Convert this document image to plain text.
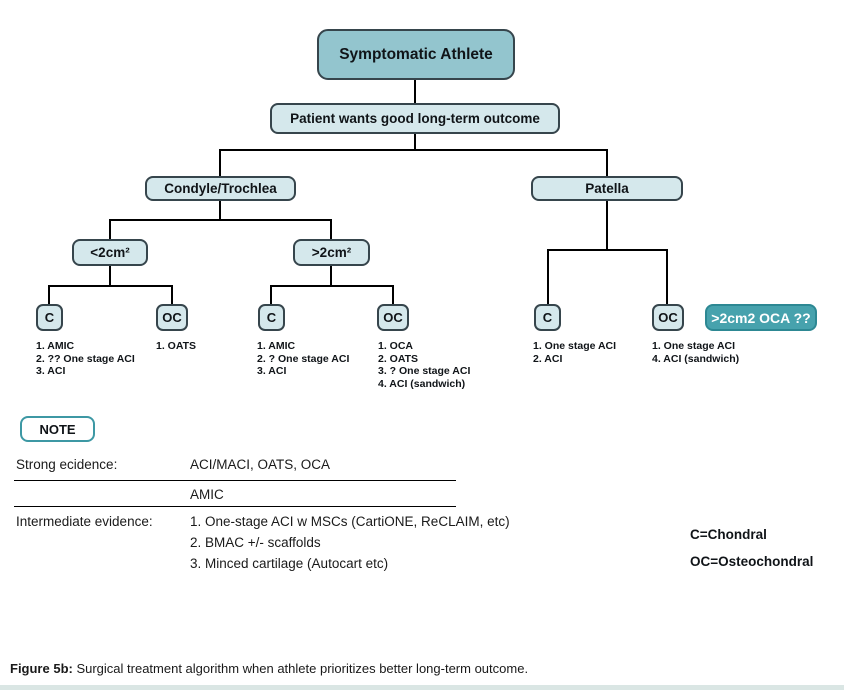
Symptomatic Athlete
Patient wants good long-term outcome
Condyle/Trochlea	Patella
<2cm²	>2cm²
C	OC	C	OC	C	OC	>2cm2 OCA ??
1. AMIC
2. ?? One stage ACI
3. ACI
1. OATS	1. AMIC
2. ? One stage ACI
3. ACI
1. OCA
2. OATS
3. ? One stage ACI
4. ACI (sandwich)
1. One stage ACI
2. ACI
1. One stage ACI
4. ACI (sandwich)
NOTE
Strong ecidence:	ACI/MACI, OATS, OCA
AMIC
Intermediate evidence:	1. One-stage ACI w MSCs (CartiONE, ReCLAIM, etc)
2. BMAC +/- scaffolds
3. Minced cartilage (Autocart etc)
C=Chondral
OC=Osteochondral
Figure 5b: Surgical treatment algorithm when athlete prioritizes better long-term outcome.
